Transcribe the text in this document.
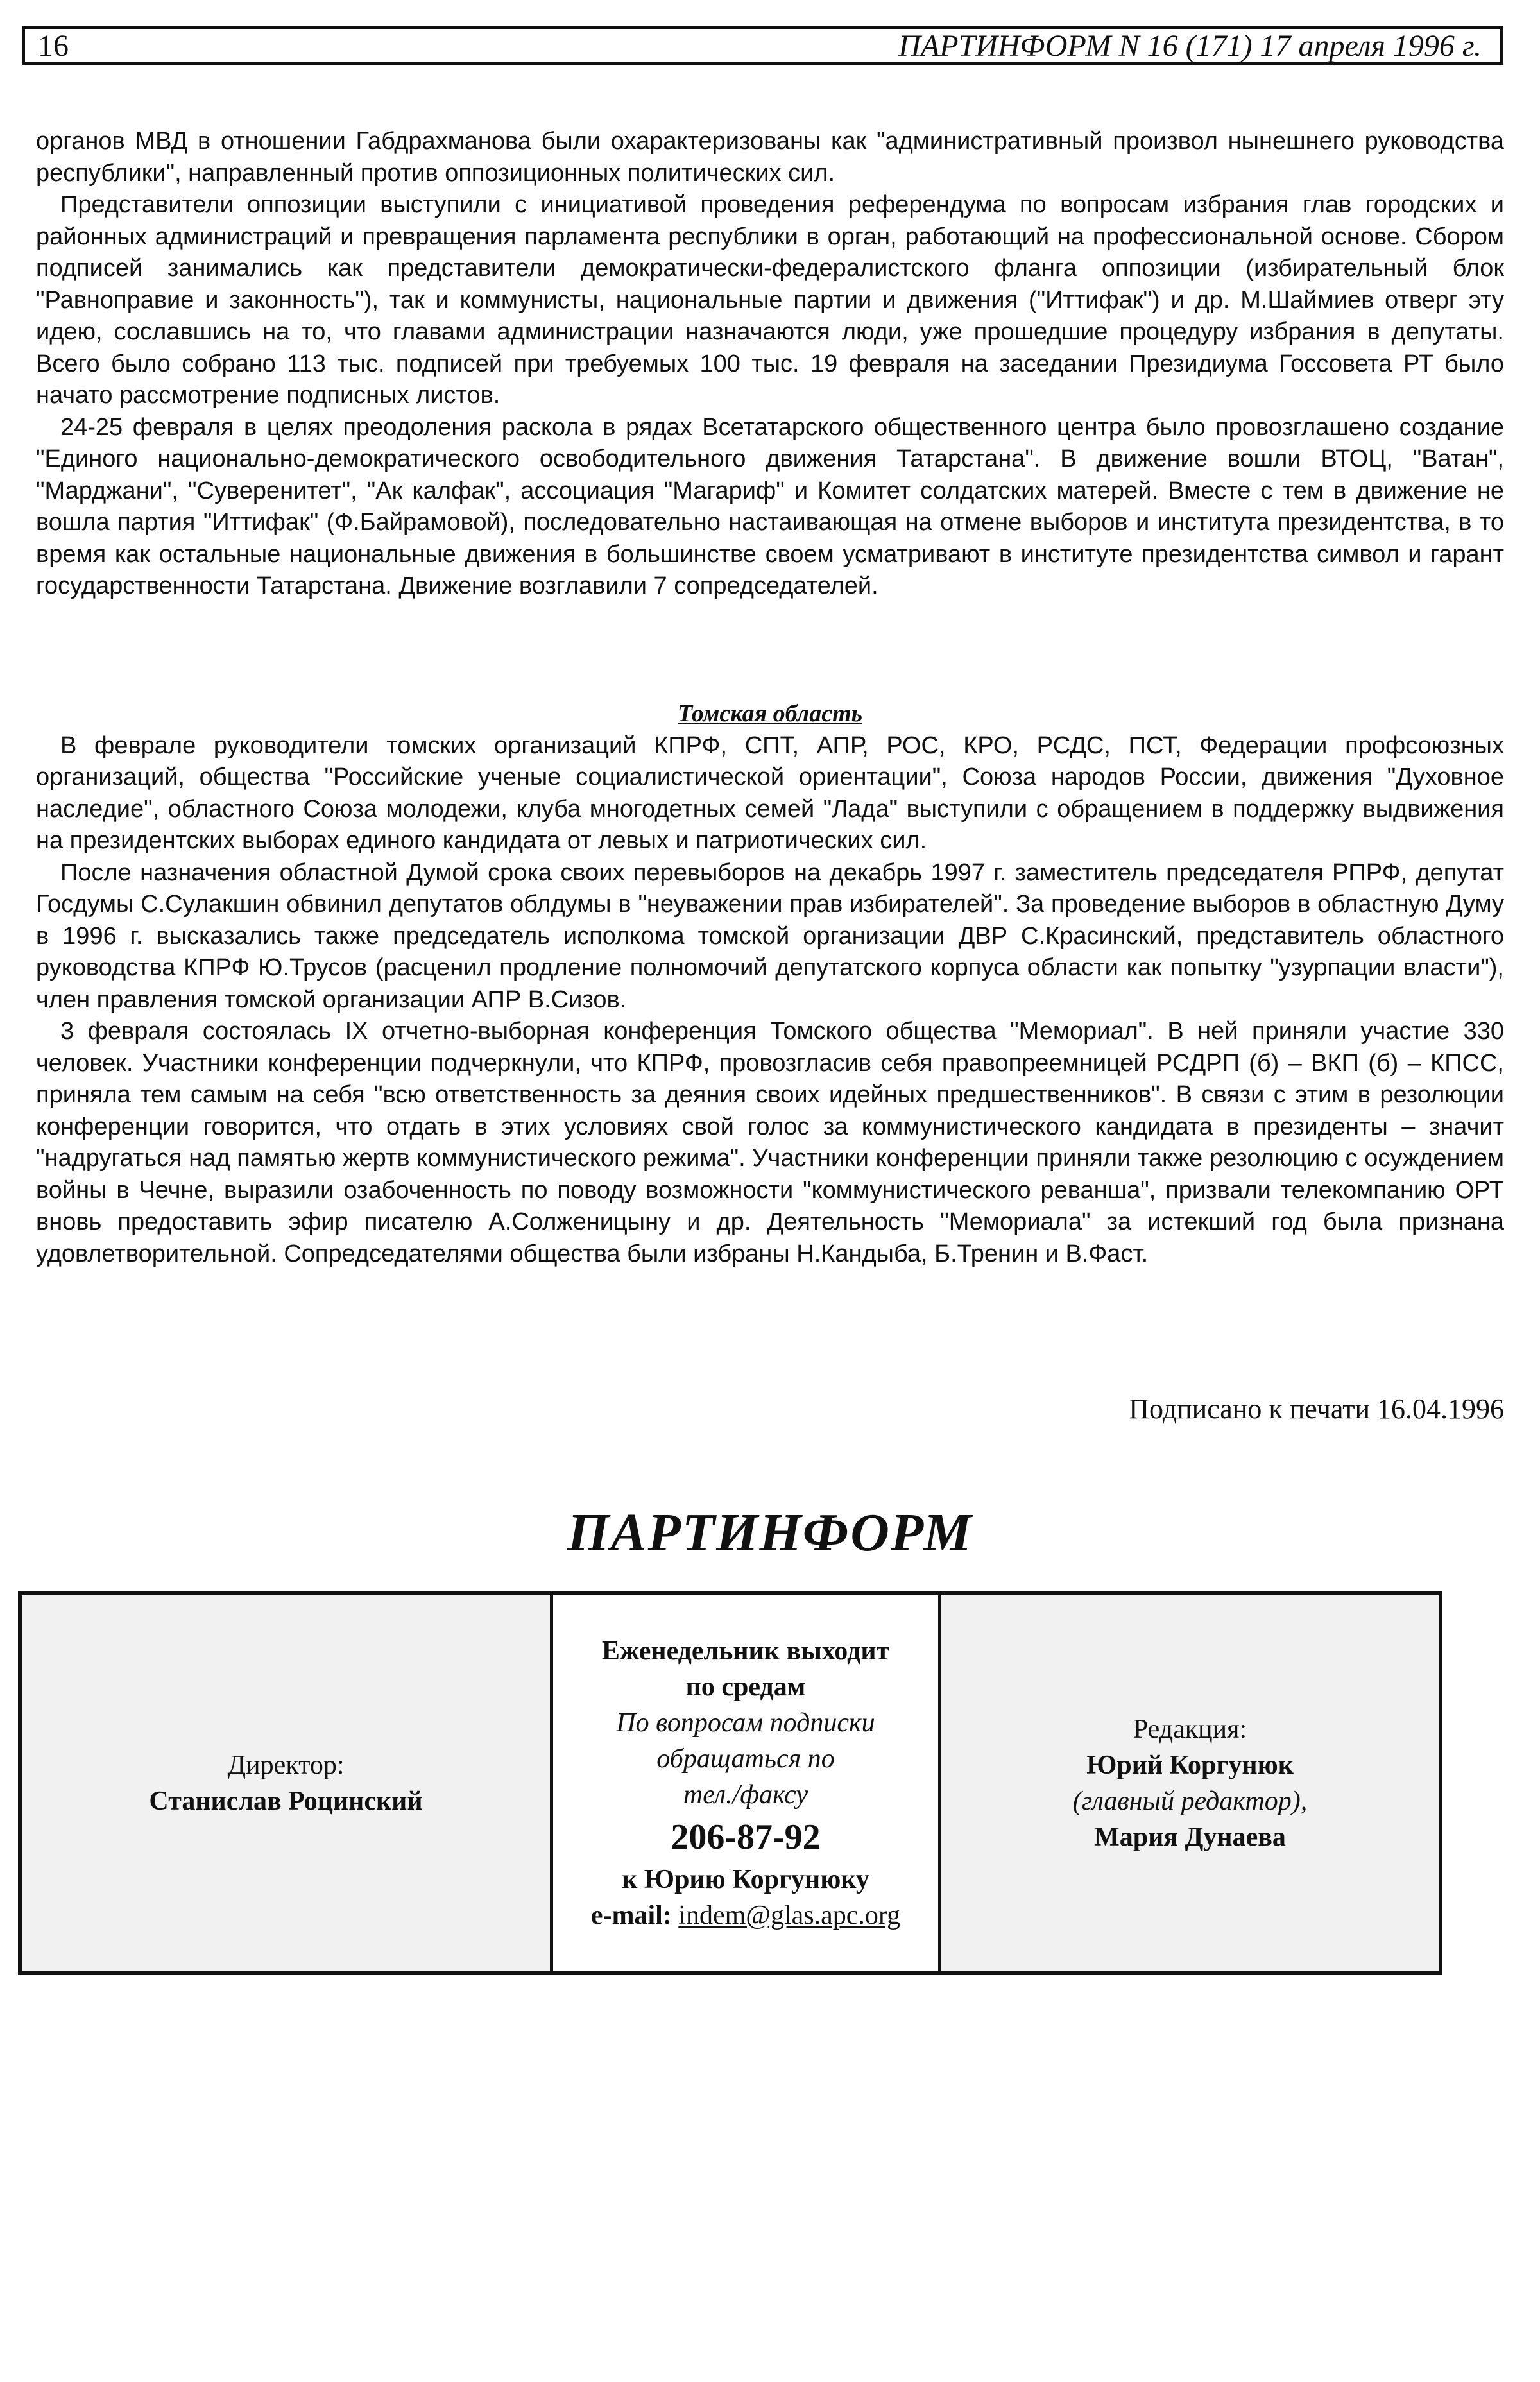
16	ПАРТИНФОРМ N 16 (171) 17 апреля 1996 г.

органов МВД в отношении Габдрахманова были охарактеризованы как "административный произвол нынешнего руководства республики", направленный против оппозиционных политических сил.

Представители оппозиции выступили с инициативой проведения референдума по вопросам избрания глав городских и районных администраций и превращения парламента республики в орган, работающий на профессиональной основе. Сбором подписей занимались как представители демократически-федералистского фланга оппозиции (избирательный блок "Равноправие и законность"), так и коммунисты, национальные партии и движения ("Иттифак") и др. М.Шаймиев отверг эту идею, сославшись на то, что главами администрации назначаются люди, уже прошедшие процедуру избрания в депутаты. Всего было собрано 113 тыс. подписей при требуемых 100 тыс. 19 февраля на заседании Президиума Госсовета РТ было начато рассмотрение подписных листов.

24-25 февраля в целях преодоления раскола в рядах Всетатарского общественного центра было провозглашено создание "Единого национально-демократического освободительного движения Татарстана". В движение вошли ВТОЦ, "Ватан", "Марджани", "Суверенитет", "Ак калфак", ассоциация "Магариф" и Комитет солдатских матерей. Вместе с тем в движение не вошла партия "Иттифак" (Ф.Байрамовой), последовательно настаивающая на отмене выборов и института президентства, в то время как остальные национальные движения в большинстве своем усматривают в институте президентства символ и гарант государственности Татарстана. Движение возглавили 7 сопредседателей.

Томская область

В феврале руководители томских организаций КПРФ, СПТ, АПР, РОС, КРО, РСДС, ПСТ, Федерации профсоюзных организаций, общества "Российские ученые социалистической ориентации", Союза народов России, движения "Духовное наследие", областного Союза молодежи, клуба многодетных семей "Лада" выступили с обращением в поддержку выдвижения на президентских выборах единого кандидата от левых и патриотических сил.

После назначения областной Думой срока своих перевыборов на декабрь 1997 г. заместитель председателя РПРФ, депутат Госдумы С.Сулакшин обвинил депутатов облдумы в "неуважении прав избирателей". За проведение выборов в областную Думу в 1996 г. высказались также председатель исполкома томской организации ДВР С.Красинский, представитель областного руководства КПРФ Ю.Трусов (расценил продление полномочий депутатского корпуса области как попытку "узурпации власти"), член правления томской организации АПР В.Сизов.

3 февраля состоялась IX отчетно-выборная конференция Томского общества "Мемориал". В ней приняли участие 330 человек. Участники конференции подчеркнули, что КПРФ, провозгласив себя правопреемницей РСДРП (б) – ВКП (б) – КПСС, приняла тем самым на себя "всю ответственность за деяния своих идейных предшественников". В связи с этим в резолюции конференции говорится, что отдать в этих условиях свой голос за коммунистического кандидата в президенты – значит "надругаться над памятью жертв коммунистического режима". Участники конференции приняли также резолюцию с осуждением войны в Чечне, выразили озабоченность по поводу возможности "коммунистического реванша", призвали телекомпанию ОРТ вновь предоставить эфир писателю А.Солженицыну и др. Деятельность "Мемориала" за истекший год была признана удовлетворительной. Сопредседателями общества были избраны Н.Кандыба, Б.Тренин и В.Фаст.

Подписано к печати 16.04.1996
ПАРТИНФОРМ
Директор:
Станислав Роцинский
Еженедельник выходит
по средам
По вопросам подписки
обращаться по
тел./факсу
206-87-92
к Юрию Коргунюку
e-mail: indem@glas.apc.org
Редакция:
Юрий Коргунюк
(главный редактор),
Мария Дунаева
